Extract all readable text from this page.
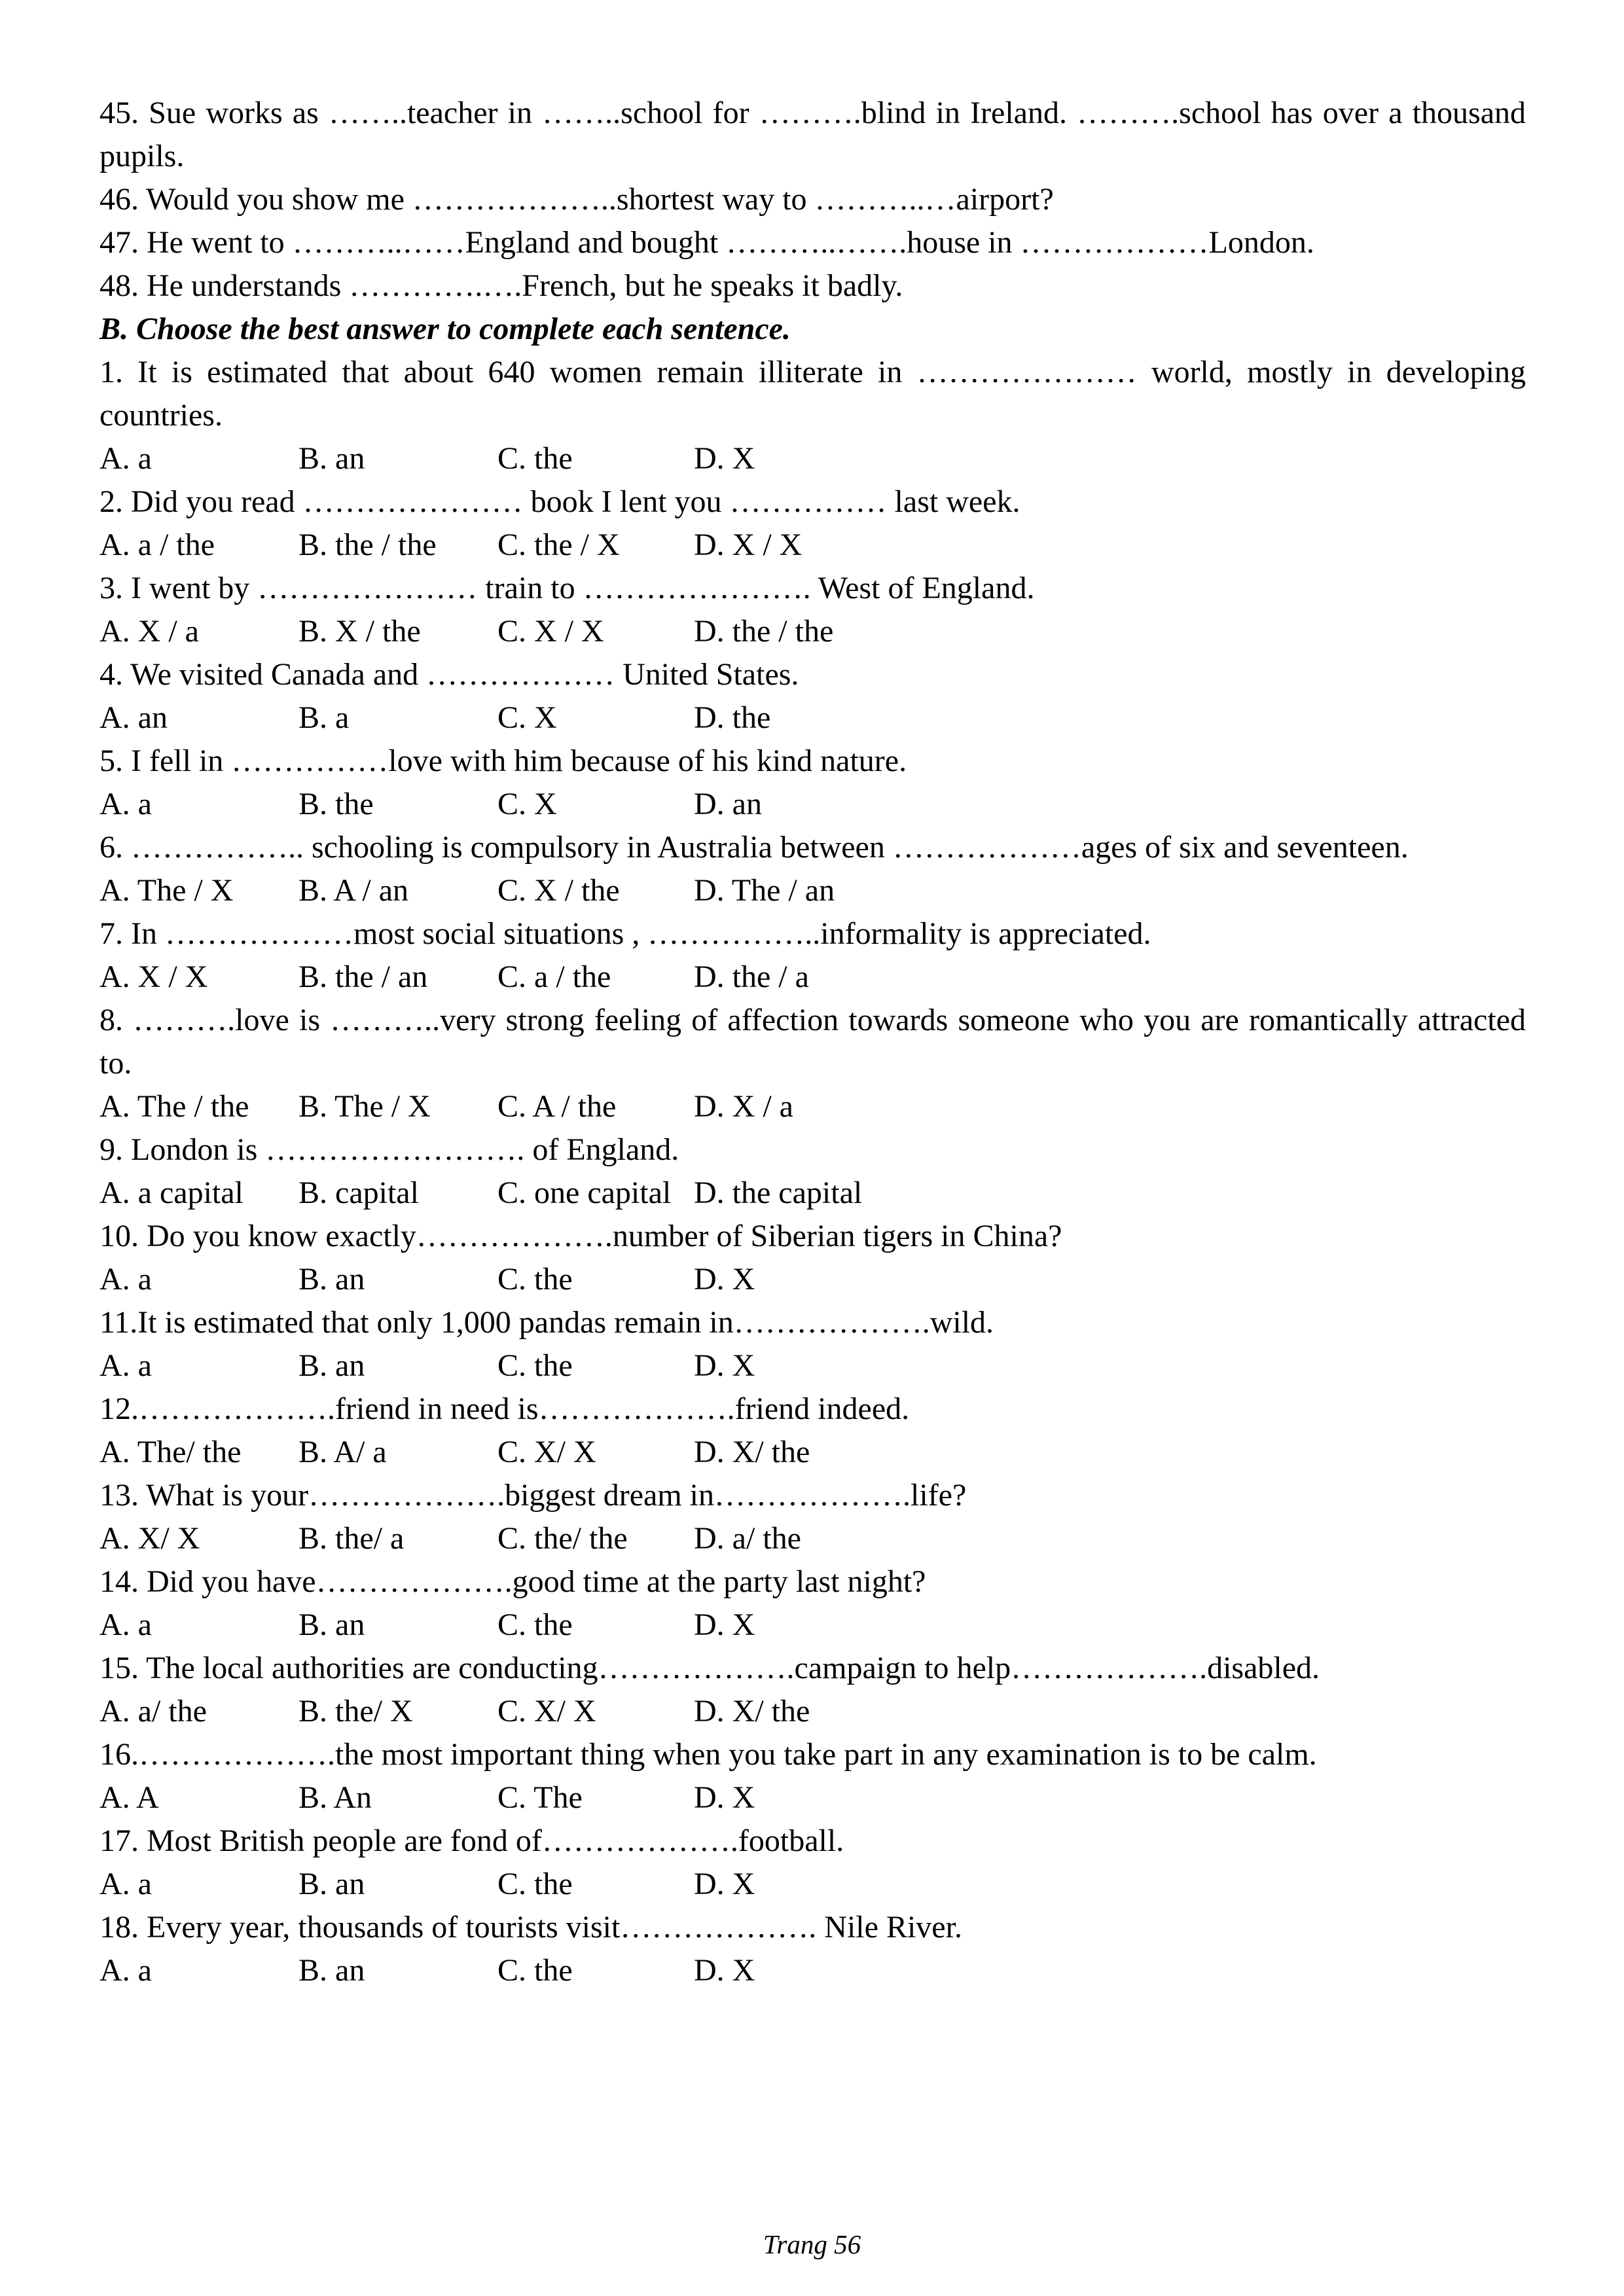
45. Sue works as ……..teacher in ……..school for ……….blind in Ireland. ……….school has over a thousand pupils.

46. Would you show me ………………..shortest way to ………..…airport?

47. He went to ………..……England and bought ………..…….house in ………………London.

48. He understands ………….….French, but he speaks it badly.

B. Choose the best answer to complete each sentence.

1. It is estimated that about 640 women remain illiterate in ………………… world, mostly in developing countries.

A. a	B. an	C. the	D. X

2. Did you read ………………… book I lent you …………… last week.

A. a / the	B. the / the C. the / X D. X / X

3. I went by ………………… train to …………………. West of England.

A. X / a	B. X / the C. X / X	D. the / the

4. We visited Canada and ……………… United States.

A. an	B. a	C. X	D. the

5. I fell in ……………love with him because of his kind nature.

A. a	B. the	C. X	D. an

6. …………….. schooling is compulsory in Australia between ………………ages of six and seventeen.

A. The / X B. A / an	C. X / the D. The / an

7. In ………………most social situations , ……………..informality is appreciated.

A. X / X	B. the / an C. a / the	D. the / a

8. ……….love is ………..very strong feeling of affection towards someone who you are romantically attracted to.

A. The / the B. The / X C. A / the D. X / a

9. London is ……………………. of England.

A. a capital B. capital	C. one capital D. the capital

10. Do you know exactly……………….number of Siberian tigers in China?

A. a	B. an	C. the	D. X

11.It is estimated that only 1,000 pandas remain in……………….wild.

A. a	B. an	C. the	D. X

12.……………….friend in need is……………….friend indeed.

A. The/ the B. A/ a	C. X/ X	D. X/ the

13. What is your……………….biggest dream in……………….life?

A. X/ X	B. the/ a	C. the/ the D. a/ the

14. Did you have……………….good time at the party last night?

A. a	B. an	C. the	D. X

15. The local authorities are conducting……………….campaign to help……………….disabled.

A. a/ the	B. the/ X	C. X/ X	D. X/ the

16.……………….the most important thing when you take part in any examination is to be calm.

A. A	B. An	C. The	D. X

17. Most British people are fond of……………….football.

A. a	B. an	C. the	D. X

18. Every year, thousands of tourists visit………………. Nile River.

A. a	B. an	C. the	D. X

Trang 56
